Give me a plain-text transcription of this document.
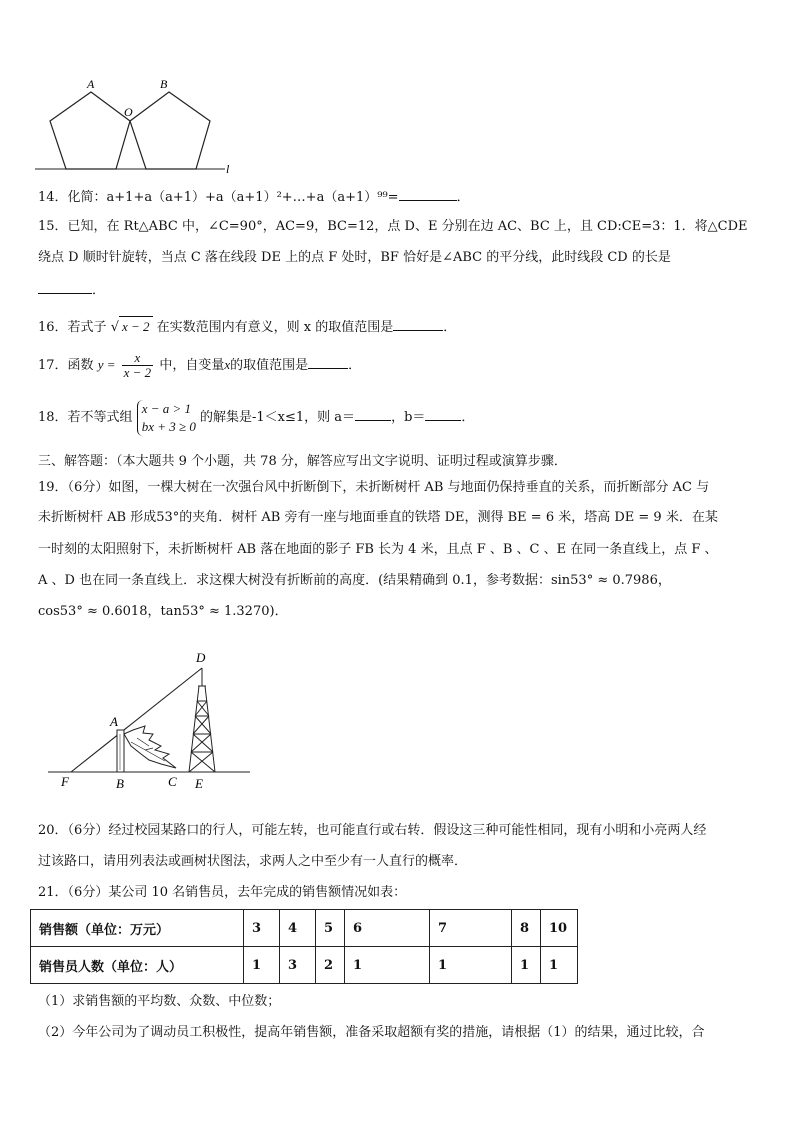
A	B
O
l
14．化简：a+1+a（a+1）+a（a+1）²+…+a（a+1）⁹⁹=	．
15．已知，在 Rt△ABC 中，∠C=90°，AC=9，BC=12，点 D、E 分别在边 AC、BC 上，且 CD:CE=3：1．将△CDE
绕点 D 顺时针旋转，当点 C 落在线段 DE 上的点 F 处时，BF 恰好是∠ABC 的平分线，此时线段 CD 的长是
．
16．若式子 √ x − 2 在实数范围内有意义，则 x 的取值范围是	．
17．函数 $y = \frac{x}{x - 2}$ 中，自变量x的取值范围是	．
18．若不等式组
x − a > 1
bx + 3 ≥ 0
的解集是-1＜x≤1，则 a＝	，b＝	．
三、解答题：（本大题共 9 个小题，共 78 分，解答应写出文字说明、证明过程或演算步骤．
19．（6分）如图，一棵大树在一次强台风中折断倒下，未折断树杆 AB 与地面仍保持垂直的关系，而折断部分 AC 与
未折断树杆 AB 形成53°的夹角．树杆 AB 旁有一座与地面垂直的铁塔 DE，测得 BE = 6 米，塔高 DE = 9 米．在某
一时刻的太阳照射下，未折断树杆 AB 落在地面的影子 FB 长为 4 米，且点 F 、B 、C 、E 在同一条直线上，点 F 、
A 、D 也在同一条直线上．求这棵大树没有折断前的高度．(结果精确到 0.1，参考数据：sin53° ≈ 0.7986，
cos53° ≈ 0.6018，tan53° ≈ 1.3270)．
D
A
F	B	C E
20．（6分）经过校园某路口的行人，可能左转，也可能直行或右转．假设这三种可能性相同，现有小明和小亮两人经
过该路口，请用列表法或画树状图法，求两人之中至少有一人直行的概率．
21．（6分）某公司 10 名销售员，去年完成的销售额情况如表：
销售额（单位：万元）	3	4	5	6	7	8	10
销售员人数（单位：人）	1	3	2	1	1	1	1
（1）求销售额的平均数、众数、中位数；
（2）今年公司为了调动员工积极性，提高年销售额，准备采取超额有奖的措施，请根据（1）的结果，通过比较，合
